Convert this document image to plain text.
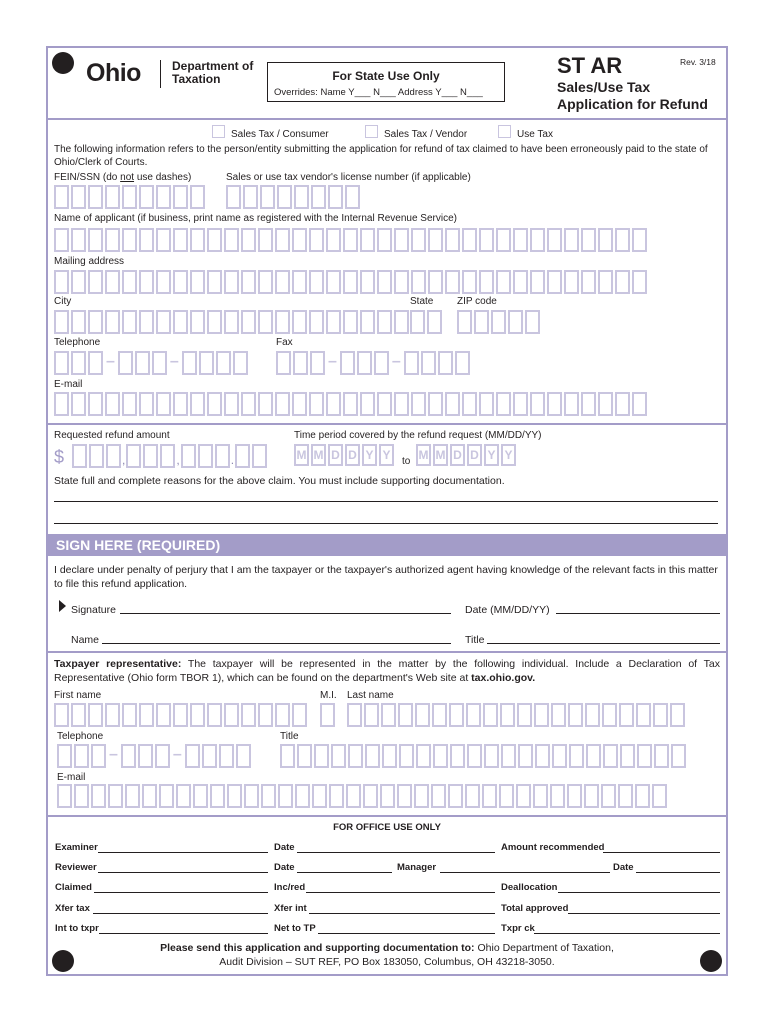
Ohio	Department of
Taxation	For State Use Only
Overrides: Name Y___ N___ Address Y___ N___
ST AR	Rev. 3/18
Sales/Use Tax
Application for Refund
Sales Tax / Consumer	Sales Tax / Vendor	Use Tax
The following information refers to the person/entity submitting the application for refund of tax claimed to have been erroneously paid to the state of Ohio/Clerk of Courts.
FEIN/SSN (do not use dashes)	Sales or use tax vendor's license number (if applicable)
Name of applicant (if business, print name as registered with the Internal Revenue Service)
Mailing address
City	State ZIP code
Telephone	Fax
–	–	–	–
E-mail
Requested refund amount	Time period covered by the refund request (MM/DD/YY)
$	,	,	.	M M D D Y Y	to M M D D Y Y
State full and complete reasons for the above claim. You must include supporting documentation.
SIGN HERE (REQUIRED)
I declare under penalty of perjury that I am the taxpayer or the taxpayer's authorized agent having knowledge of the relevant facts in this matter to file this refund application.
Signature	Date (MM/DD/YY)
Name	Title
Taxpayer representative: The taxpayer will be represented in the matter by the following individual. Include a Declaration of Tax Representative (Ohio form TBOR 1), which can be found on the department's Web site at tax.ohio.gov.
First name	M.I. Last name
Telephone	Title
–	–
E-mail
FOR OFFICE USE ONLY
Examiner	Date	Amount recommended
Reviewer	Date	Manager	Date
Claimed	Inc/red	Deallocation
Xfer tax	Xfer int	Total approved
Int to txpr	Net to TP	Txpr ck
Please send this application and supporting documentation to: Ohio Department of Taxation,
Audit Division – SUT REF, PO Box 183050, Columbus, OH 43218-3050.
